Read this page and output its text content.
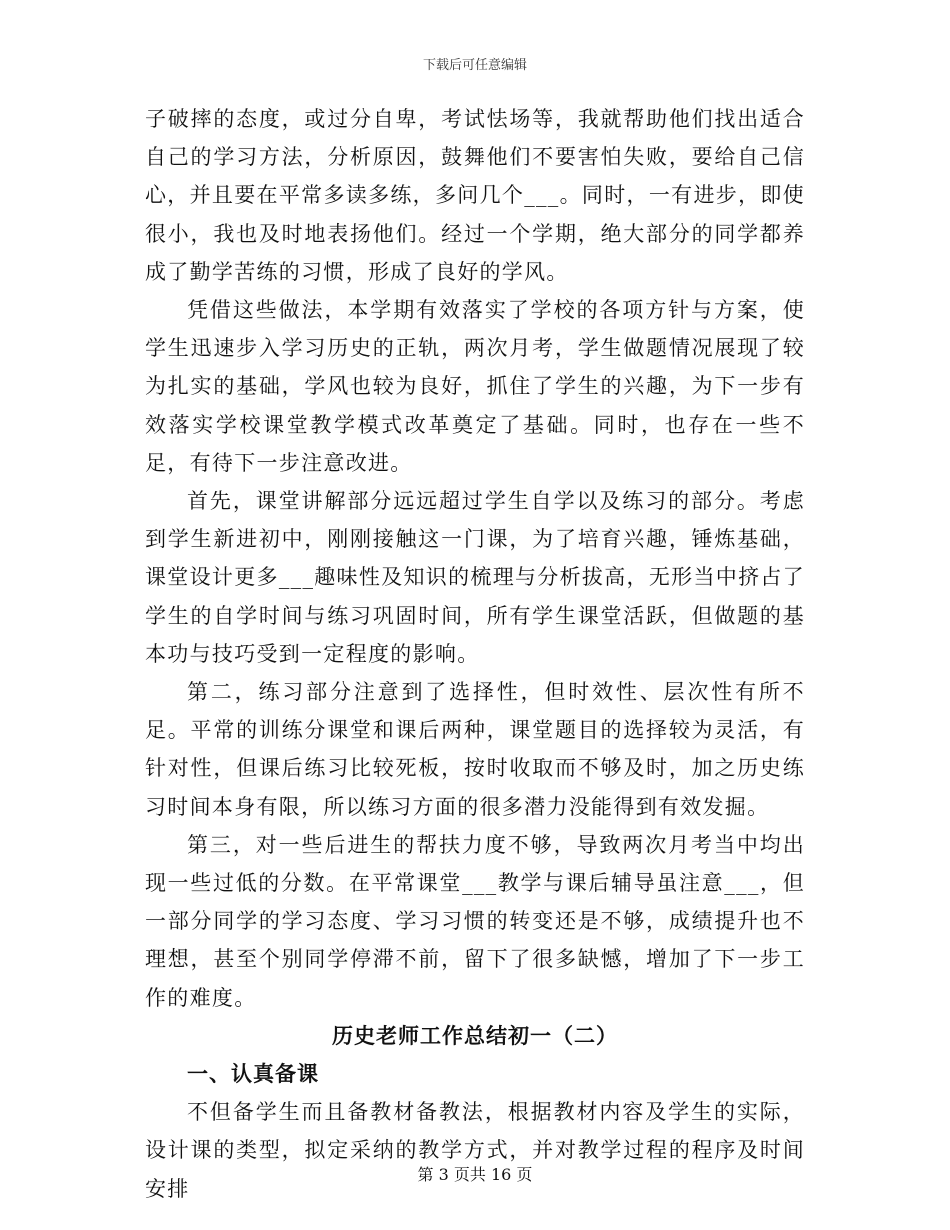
下载后可任意编辑

子破摔的态度，或过分自卑，考试怯场等，我就帮助他们找出适合自己的学习方法，分析原因，鼓舞他们不要害怕失败，要给自己信心，并且要在平常多读多练，多问几个___。同时，一有进步，即使很小，我也及时地表扬他们。经过一个学期，绝大部分的同学都养成了勤学苦练的习惯，形成了良好的学风。

凭借这些做法，本学期有效落实了学校的各项方针与方案，使学生迅速步入学习历史的正轨，两次月考，学生做题情况展现了较为扎实的基础，学风也较为良好，抓住了学生的兴趣，为下一步有效落实学校课堂教学模式改革奠定了基础。同时，也存在一些不足，有待下一步注意改进。

首先，课堂讲解部分远远超过学生自学以及练习的部分。考虑到学生新进初中，刚刚接触这一门课，为了培育兴趣，锤炼基础，课堂设计更多___趣味性及知识的梳理与分析拔高，无形当中挤占了学生的自学时间与练习巩固时间，所有学生课堂活跃，但做题的基本功与技巧受到一定程度的影响。

第二，练习部分注意到了选择性，但时效性、层次性有所不足。平常的训练分课堂和课后两种，课堂题目的选择较为灵活，有针对性，但课后练习比较死板，按时收取而不够及时，加之历史练习时间本身有限，所以练习方面的很多潜力没能得到有效发掘。

第三，对一些后进生的帮扶力度不够，导致两次月考当中均出现一些过低的分数。在平常课堂___教学与课后辅导虽注意___，但一部分同学的学习态度、学习习惯的转变还是不够，成绩提升也不理想，甚至个别同学停滞不前，留下了很多缺憾，增加了下一步工作的难度。

历史老师工作总结初一（二）
一、认真备课

不但备学生而且备教材备教法，根据教材内容及学生的实际，设计课的类型，拟定采纳的教学方式，并对教学过程的程序及时间安排

第 3 页共 16 页
